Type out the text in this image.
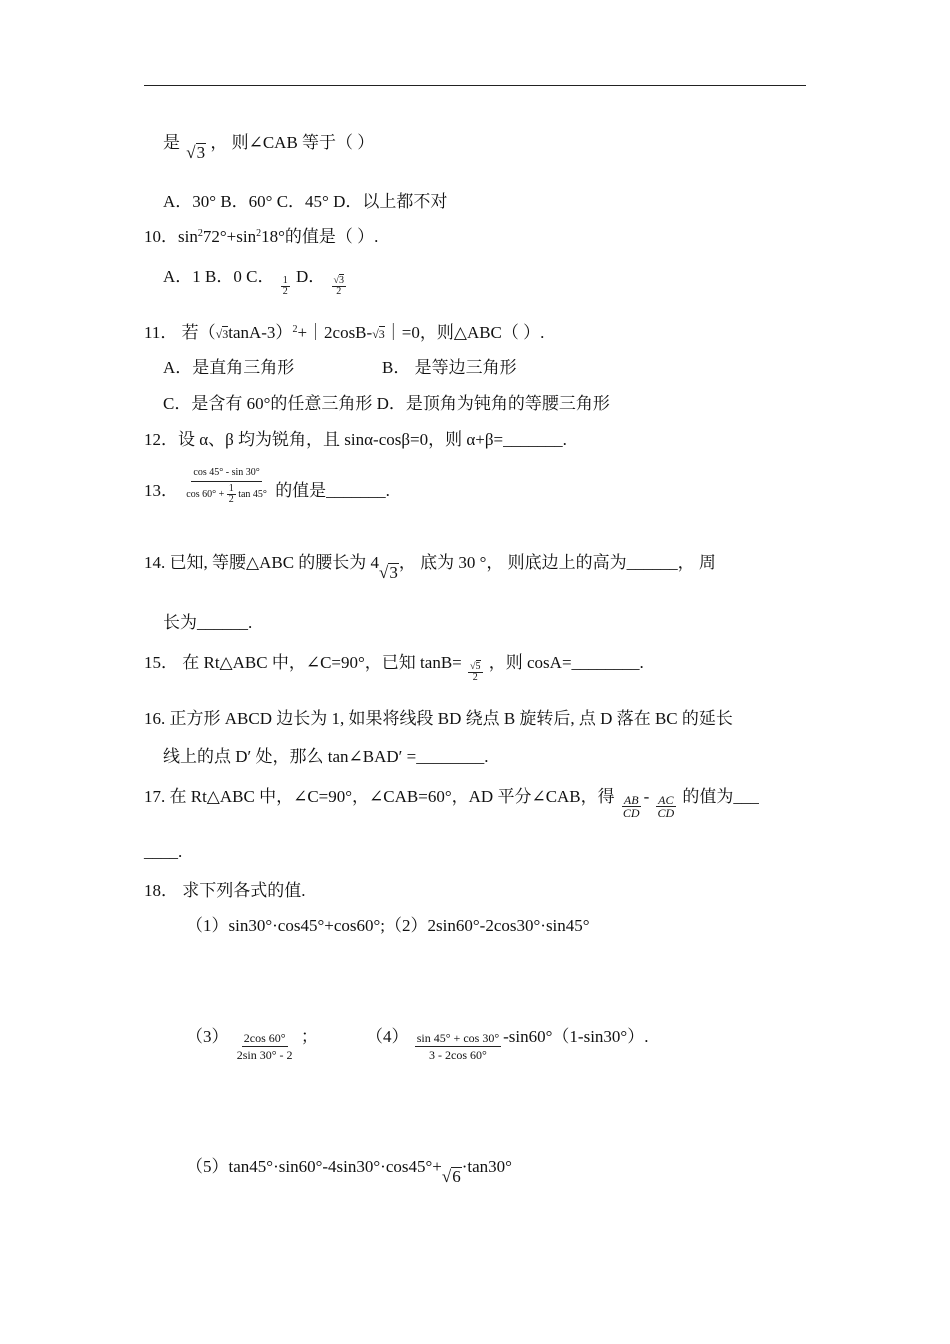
是 √3 ， 则∠CAB 等于（ ）
A．30° B．60° C．45° D．以上都不对
10．$\sin^272^\circ+\sin^218^\circ$的值是（ ）.
A．1 B．0 C． $\frac{1}{2}$ D． $\frac{√3}{2}$
11． 若$(√3\tan A-3)^2+|2\cos B-√3|=0$，则△ABC（ ）.
A．是直角三角形	B． 是等边三角形
C．是含有 60°的任意三角形 D．是顶角为钝角的等腰三角形
12．设 α、β 均为锐角，且 sinα-cosβ=0，则 α+β=_______.
13． $\frac{\cos 45^\circ - \sin 30^\circ}{\cos 60^\circ + \frac{1}{2} \tan 45^\circ}$ 的值是_______.
14. 已知, 等腰△ABC 的腰长为 4√3， 底为 30 °， 则底边上的高为______， 周
长为______.
15． 在 Rt△ABC 中，∠C=90°，已知 $\tan B= \frac{√5}{2}$ ，则 cosA=________.
16. 正方形 ABCD 边长为 1, 如果将线段 BD 绕点 B 旋转后, 点 D 落在 BC 的延长
线上的点 D′ 处，那么 tan∠BAD′ =________.
17. 在 Rt△ABC 中，∠C=90°，∠CAB=60°，AD 平分∠CAB，得 $\frac{AB}{CD} - \frac{AC}{CD}$ 的值为___
____.
18． 求下列各式的值.
（1）sin30°·cos45°+cos60°;（2）2sin60°-2cos30°·sin45°
$(3) \frac{2\cos 60^\circ}{2\sin 30^\circ - 2}$ ；	$(4) \frac{\sin 45^\circ + \cos 30^\circ}{3 - 2\cos 60^\circ} -\sin 60^\circ(1-\sin 30^\circ)$.
（5）tan45°·sin60°-4sin30°·cos45°+√6·tan30°
